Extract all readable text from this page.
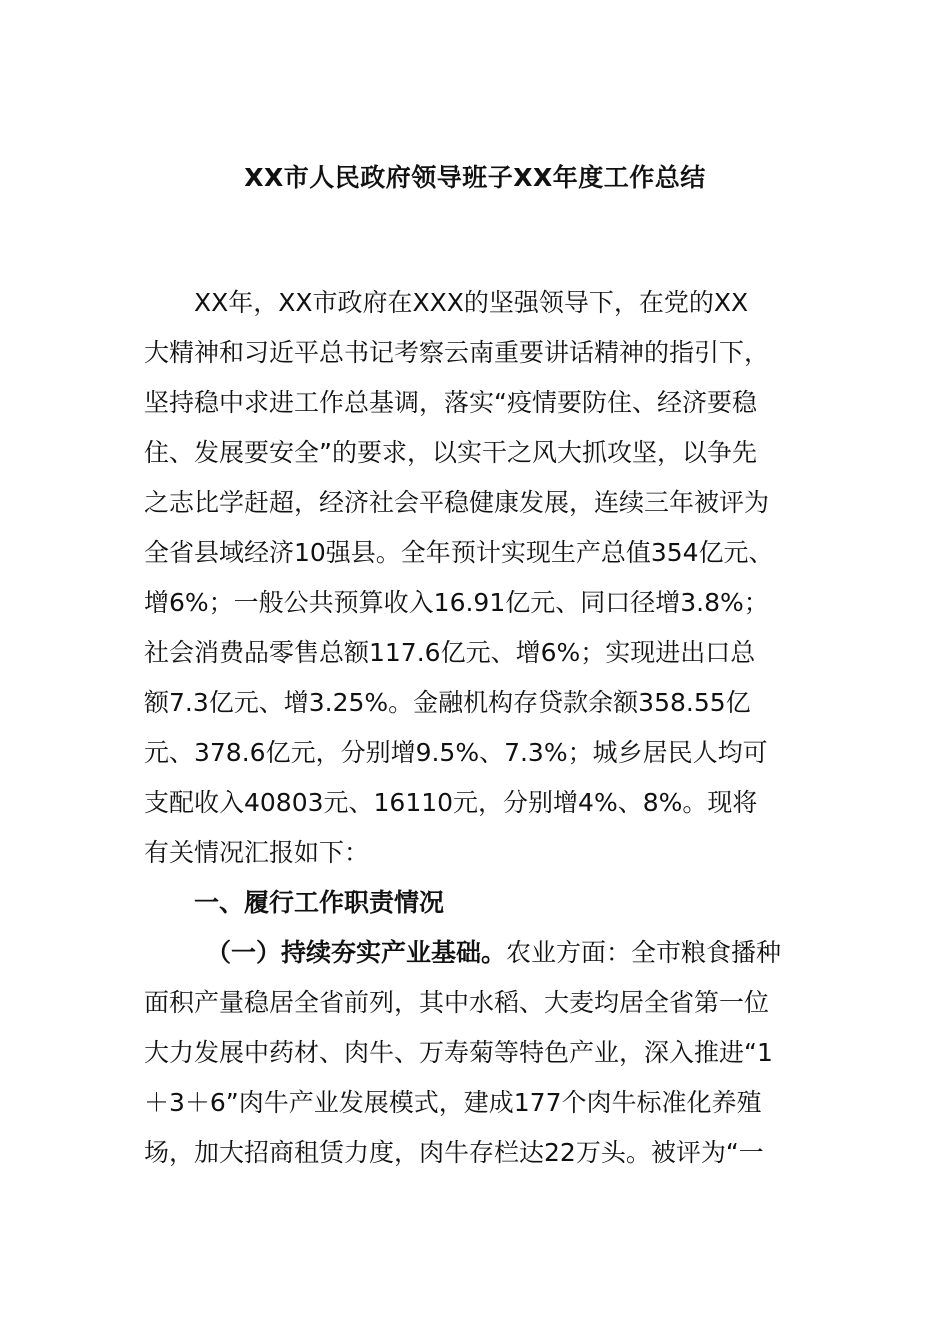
XX市人民政府领导班子XX年度工作总结
XX年，XX市政府在XXX的坚强领导下，在党的XX
大精神和习近平总书记考察云南重要讲话精神的指引下，
坚持稳中求进工作总基调，落实“疫情要防住、经济要稳
住、发展要安全”的要求，以实干之风大抓攻坚，以争先
之志比学赶超，经济社会平稳健康发展，连续三年被评为
全省县域经济10强县。全年预计实现生产总值354亿元、
增6%；一般公共预算收入16.91亿元、同口径增3.8%；
社会消费品零售总额117.6亿元、增6%；实现进出口总
额7.3亿元、增3.25%。金融机构存贷款余额358.55亿
元、378.6亿元，分别增9.5%、7.3%；城乡居民人均可
支配收入40803元、16110元，分别增4%、8%。现将
有关情况汇报如下：
一、履行工作职责情况
（一）持续夯实产业基础。农业方面：全市粮食播种
面积产量稳居全省前列，其中水稻、大麦均居全省第一位
大力发展中药材、肉牛、万寿菊等特色产业，深入推进“1
＋3＋6”肉牛产业发展模式，建成177个肉牛标准化养殖
场，加大招商租赁力度，肉牛存栏达22万头。被评为“一
